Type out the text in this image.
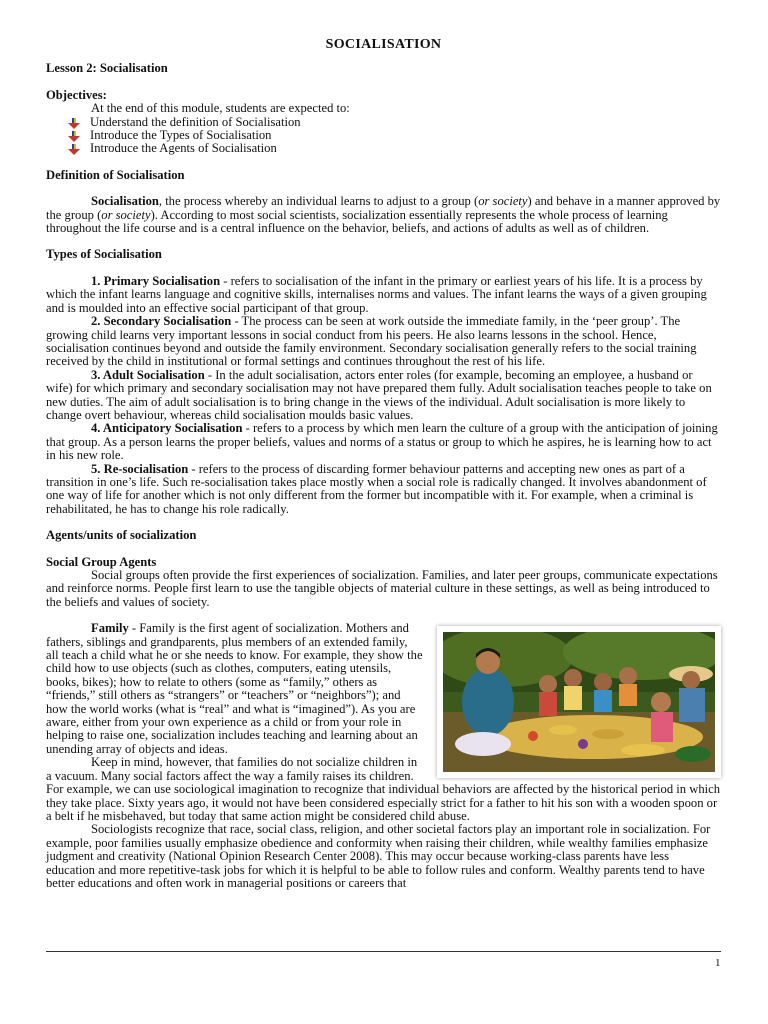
SOCIALISATION

Lesson 2: Socialisation

Objectives:

At the end of this module, students are expected to:

Understand the definition of Socialisation
Introduce the Types of Socialisation
Introduce the Agents of Socialisation

Definition of Socialisation

Socialisation, the process whereby an individual learns to adjust to a group (or society) and behave in a manner approved by the group (or society). According to most social scientists, socialization essentially represents the whole process of learning throughout the life course and is a central influence on the behavior, beliefs, and actions of adults as well as of children.

Types of Socialisation

1. Primary Socialisation - refers to socialisation of the infant in the primary or earliest years of his life. It is a process by which the infant learns language and cognitive skills, internalises norms and values. The infant learns the ways of a given grouping and is moulded into an effective social participant of that group.

2. Secondary Socialisation - The process can be seen at work outside the immediate family, in the ‘peer group’. The growing child learns very important lessons in social conduct from his peers. He also learns lessons in the school. Hence, socialisation continues beyond and outside the family environment. Secondary socialisation generally refers to the social training received by the child in institutional or formal settings and continues throughout the rest of his life.

3. Adult Socialisation - In the adult socialisation, actors enter roles (for example, becoming an employee, a husband or wife) for which primary and secondary socialisation may not have prepared them fully. Adult socialisation teaches people to take on new duties. The aim of adult socialisation is to bring change in the views of the individual. Adult socialisation is more likely to change overt behaviour, whereas child socialisation moulds basic values.

4. Anticipatory Socialisation - refers to a process by which men learn the culture of a group with the anticipation of joining that group. As a person learns the proper beliefs, values and norms of a status or group to which he aspires, he is learning how to act in his new role.

5. Re-socialisation - refers to the process of discarding former behaviour patterns and accepting new ones as part of a transition in one’s life. Such re-socialisation takes place mostly when a social role is radically changed. It involves abandonment of one way of life for another which is not only different from the former but incompatible with it. For example, when a criminal is rehabilitated, he has to change his role radically.

Agents/units of socialization

Social Group Agents

Social groups often provide the first experiences of socialization. Families, and later peer groups, communicate expectations and reinforce norms. People first learn to use the tangible objects of material culture in these settings, as well as being introduced to the beliefs and values of society.

Family - Family is the first agent of socialization. Mothers and fathers, siblings and grandparents, plus members of an extended family, all teach a child what he or she needs to know. For example, they show the child how to use objects (such as clothes, computers, eating utensils, books, bikes); how to relate to others (some as “family,” others as “friends,” still others as “strangers” or “teachers” or “neighbors”); and how the world works (what is “real” and what is “imagined”). As you are aware, either from your own experience as a child or from your role in helping to raise one, socialization includes teaching and learning about an unending array of objects and ideas.

Keep in mind, however, that families do not socialize children in a vacuum. Many social factors affect the way a family raises its children. For example, we can use sociological imagination to recognize that individual behaviors are affected by the historical period in which they take place. Sixty years ago, it would not have been considered especially strict for a father to hit his son with a wooden spoon or a belt if he misbehaved, but today that same action might be considered child abuse.

Sociologists recognize that race, social class, religion, and other societal factors play an important role in socialization. For example, poor families usually emphasize obedience and conformity when raising their children, while wealthy families emphasize judgment and creativity (National Opinion Research Center 2008). This may occur because working-class parents have less education and more repetitive-task jobs for which it is helpful to be able to follow rules and conform. Wealthy parents tend to have better educations and often work in managerial positions or careers that

1
